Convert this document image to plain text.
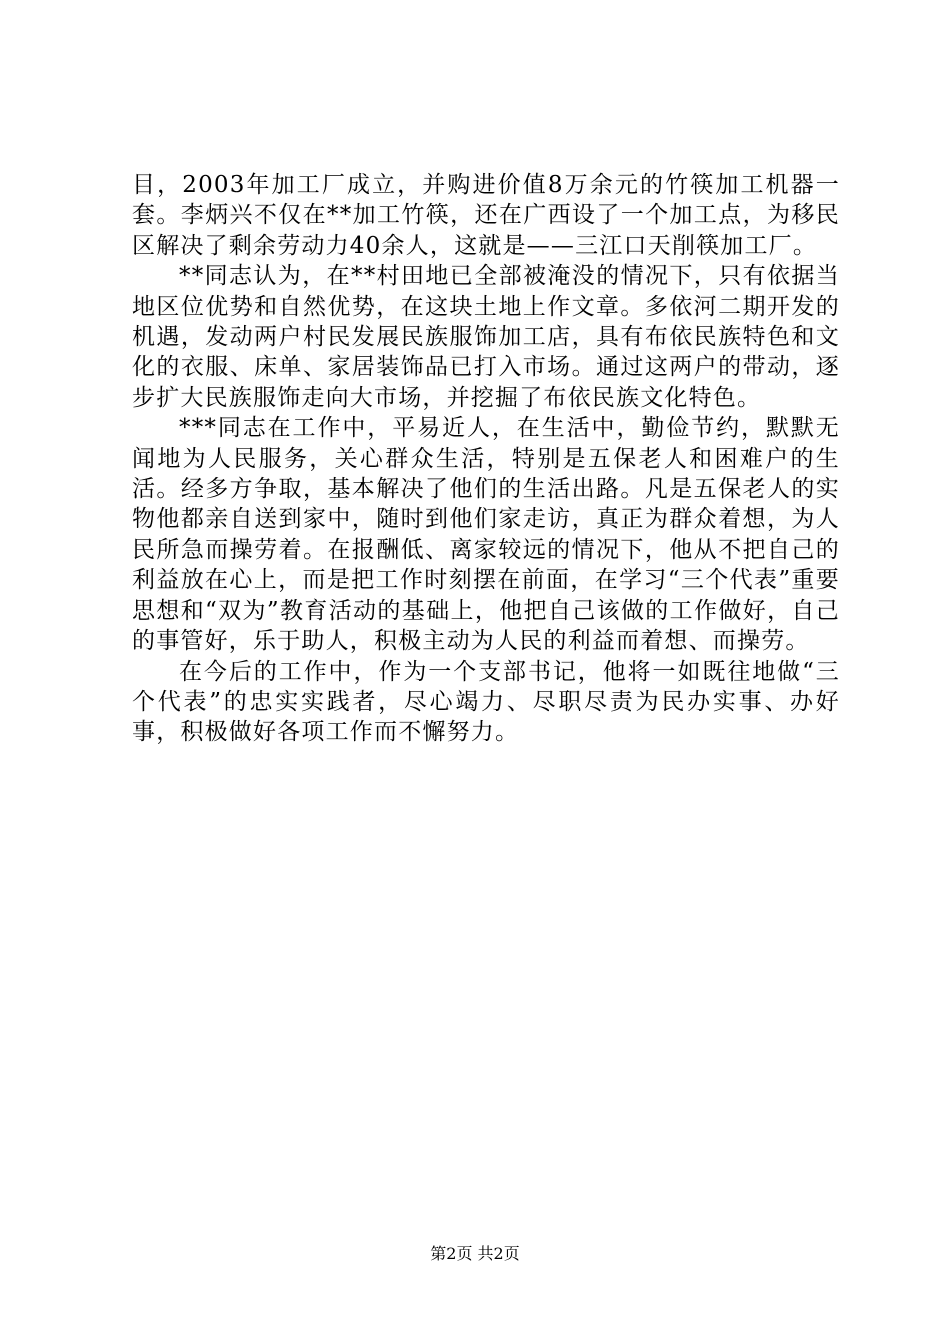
目，2003年加工厂成立，并购进价值8万余元的竹筷加工机器一套。李炳兴不仅在**加工竹筷，还在广西设了一个加工点，为移民区解决了剩余劳动力40余人，这就是——三江口天削筷加工厂。

**同志认为，在**村田地已全部被淹没的情况下，只有依据当地区位优势和自然优势，在这块土地上作文章。多依河二期开发的机遇，发动两户村民发展民族服饰加工店，具有布依民族特色和文化的衣服、床单、家居装饰品已打入市场。通过这两户的带动，逐步扩大民族服饰走向大市场，并挖掘了布依民族文化特色。

***同志在工作中，平易近人，在生活中，勤俭节约，默默无闻地为人民服务，关心群众生活，特别是五保老人和困难户的生活。经多方争取，基本解决了他们的生活出路。凡是五保老人的实物他都亲自送到家中，随时到他们家走访，真正为群众着想，为人民所急而操劳着。在报酬低、离家较远的情况下，他从不把自己的利益放在心上，而是把工作时刻摆在前面，在学习“三个代表”重要思想和“双为”教育活动的基础上，他把自己该做的工作做好，自己的事管好，乐于助人，积极主动为人民的利益而着想、而操劳。

在今后的工作中，作为一个支部书记，他将一如既往地做“三个代表”的忠实实践者，尽心竭力、尽职尽责为民办实事、办好事，积极做好各项工作而不懈努力。

第2页 共2页
